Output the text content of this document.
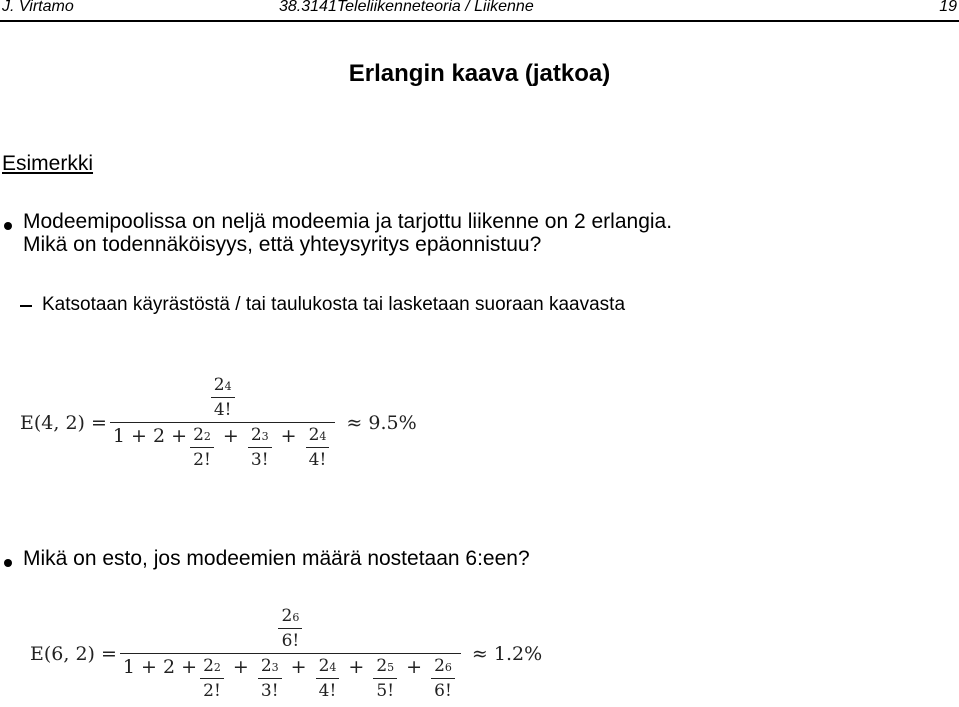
J. Virtamo	38.3141Teleliikenneteoria / Liikenne	19
Erlangin kaava (jatkoa)
Esimerkki
Modeemipoolissa on neljä modeemia ja tarjottu liikenne on 2 erlangia.
Mikä on todennäköisyys, että yhteysyritys epäonnistuu?
Katsotaan käyrästöstä / tai taulukosta tai lasketaan suoraan kaavasta
E(4, 2) =
$\frac{2^4}{4!}$
$1 + 2 + \frac{2^2}{2!} + \frac{2^3}{3!} + \frac{2^4}{4!}$
≈ 9.5%
Mikä on esto, jos modeemien määrä nostetaan 6:een?
E(6, 2) =
$\frac{2^6}{6!}$
$1 + 2 + \frac{2^2}{2!} + \frac{2^3}{3!} + \frac{2^4}{4!} + \frac{2^5}{5!} + \frac{2^6}{6!}$
≈ 1.2%
